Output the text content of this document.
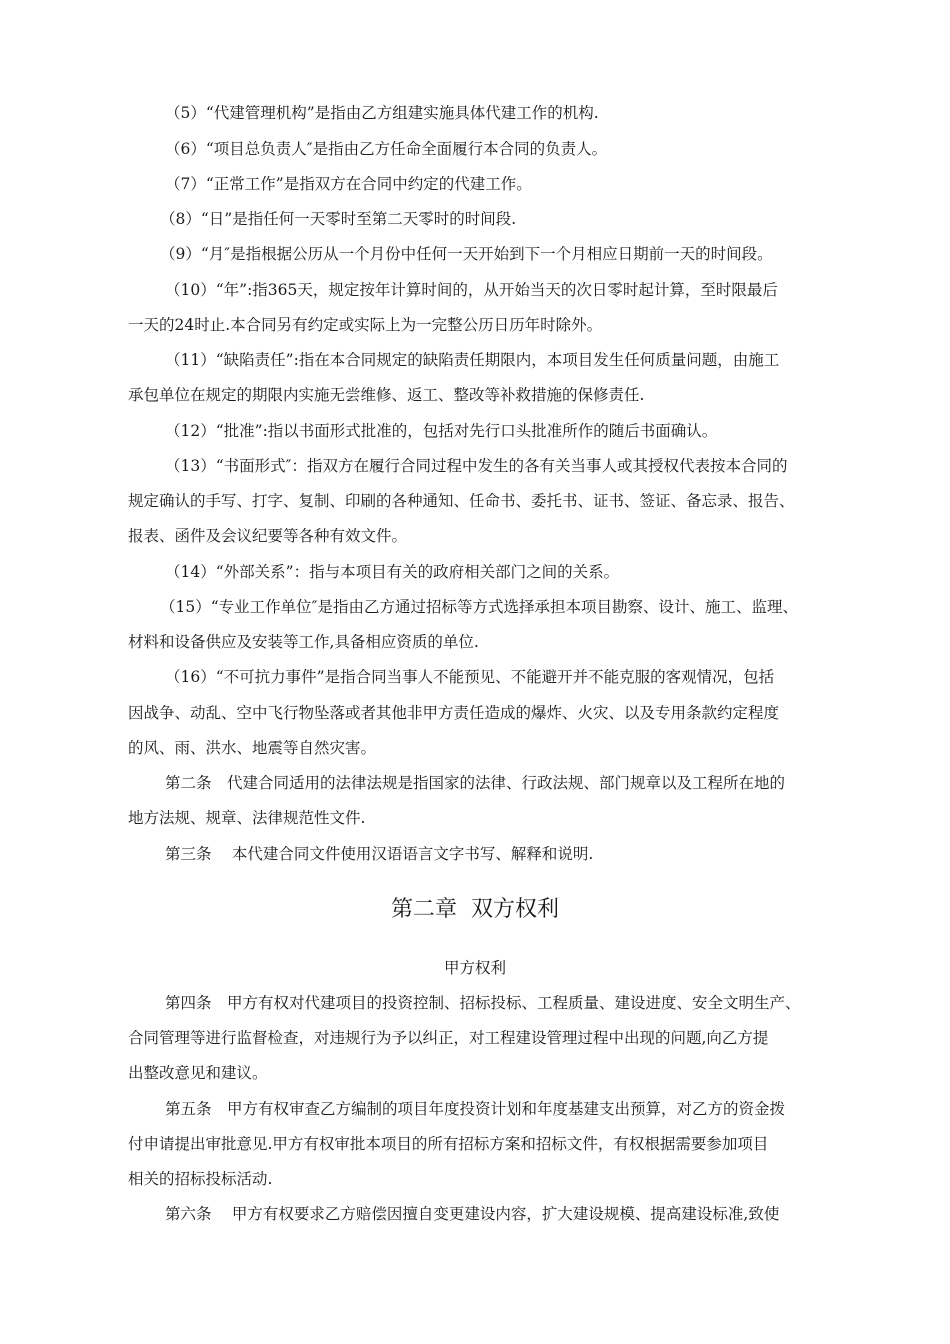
（5）“代建管理机构”是指由乙方组建实施具体代建工作的机构.
（6）“项目总负责人″是指由乙方任命全面履行本合同的负责人。
（7）“正常工作”是指双方在合同中约定的代建工作。
（8）“日”是指任何一天零时至第二天零时的时间段.
（9）“月″是指根据公历从一个月份中任何一天开始到下一个月相应日期前一天的时间段。
（10）“年”:指365天，规定按年计算时间的，从开始当天的次日零时起计算，至时限最后
一天的24时止.本合同另有约定或实际上为一完整公历日历年时除外。
（11）“缺陷责任”:指在本合同规定的缺陷责任期限内，本项目发生任何质量问题，由施工
承包单位在规定的期限内实施无尝维修、返工、整改等补救措施的保修责任.
（12）“批准”:指以书面形式批准的，包括对先行口头批准所作的随后书面确认。
（13）“书面形式″：指双方在履行合同过程中发生的各有关当事人或其授权代表按本合同的
规定确认的手写、打字、复制、印刷的各种通知、任命书、委托书、证书、签证、备忘录、报告、
报表、函件及会议纪要等各种有效文件。
（14）“外部关系”：指与本项目有关的政府相关部门之间的关系。
（15）“专业工作单位″是指由乙方通过招标等方式选择承担本项目勘察、设计、施工、监理、
材料和设备供应及安装等工作,具备相应资质的单位.
（16）“不可抗力事件”是指合同当事人不能预见、不能避开并不能克服的客观情况，包括
因战争、动乱、空中飞行物坠落或者其他非甲方责任造成的爆炸、火灾、以及专用条款约定程度
的风、雨、洪水、地震等自然灾害。
第二条　代建合同适用的法律法规是指国家的法律、行政法规、部门规章以及工程所在地的
地方法规、规章、法律规范性文件.
第三条　 本代建合同文件使用汉语语言文字书写、解释和说明.
第二章  双方权利
甲方权利
第四条　甲方有权对代建项目的投资控制、招标投标、工程质量、建设进度、安全文明生产、
合同管理等进行监督检查，对违规行为予以纠正，对工程建设管理过程中出现的问题,向乙方提
出整改意见和建议。
第五条　甲方有权审查乙方编制的项目年度投资计划和年度基建支出预算，对乙方的资金拨
付申请提出审批意见.甲方有权审批本项目的所有招标方案和招标文件，有权根据需要参加项目
相关的招标投标活动.
第六条　 甲方有权要求乙方赔偿因擅自变更建设内容，扩大建设规模、提高建设标准,致使
